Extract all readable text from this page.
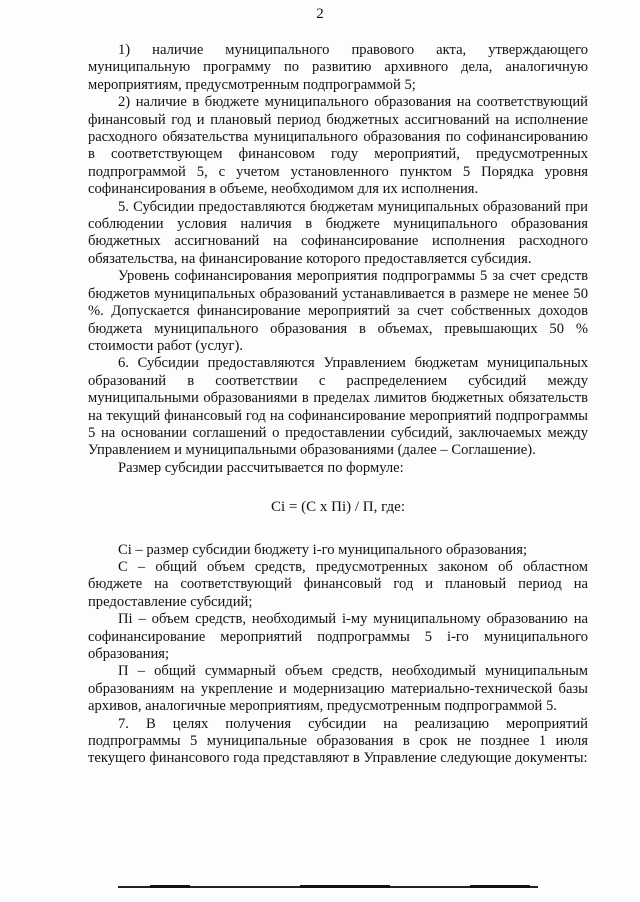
2

1) наличие муниципального правового акта, утверждающего муниципальную программу по развитию архивного дела, аналогичную мероприятиям, предусмотренным подпрограммой 5;

2) наличие в бюджете муниципального образования на соответствующий финансовый год и плановый период бюджетных ассигнований на исполнение расходного обязательства муниципального образования по софинансированию в соответствующем финансовом году мероприятий, предусмотренных подпрограммой 5, с учетом установленного пунктом 5 Порядка уровня софинансирования в объеме, необходимом для их исполнения.

5. Субсидии предоставляются бюджетам муниципальных образований при соблюдении условия наличия в бюджете муниципального образования бюджетных ассигнований на софинансирование исполнения расходного обязательства, на финансирование которого предоставляется субсидия.

Уровень софинансирования мероприятия подпрограммы 5 за счет средств бюджетов муниципальных образований устанавливается в размере не менее 50 %. Допускается финансирование мероприятий за счет собственных доходов бюджета муниципального образования в объемах, превышающих 50 % стоимости работ (услуг).

6. Субсидии предоставляются Управлением бюджетам муниципальных образований в соответствии с распределением субсидий между муниципальными образованиями в пределах лимитов бюджетных обязательств на текущий финансовый год на софинансирование мероприятий подпрограммы 5 на основании соглашений о предоставлении субсидий, заключаемых между Управлением и муниципальными образованиями (далее – Соглашение).

Размер субсидии рассчитывается по формуле:

Ci = (C x Пi) / П, где:

Ci – размер субсидии бюджету i-го муниципального образования;

C – общий объем средств, предусмотренных законом об областном бюджете на соответствующий финансовый год и плановый период на предоставление субсидий;

Пi – объем средств, необходимый i-му муниципальному образованию на софинансирование мероприятий подпрограммы 5 i-го муниципального образования;

П – общий суммарный объем средств, необходимый муниципальным образованиям на укрепление и модернизацию материально-технической базы архивов, аналогичные мероприятиям, предусмотренным подпрограммой 5.

7. В целях получения субсидии на реализацию мероприятий подпрограммы 5 муниципальные образования в срок не позднее 1 июля текущего финансового года представляют в Управление следующие документы:
